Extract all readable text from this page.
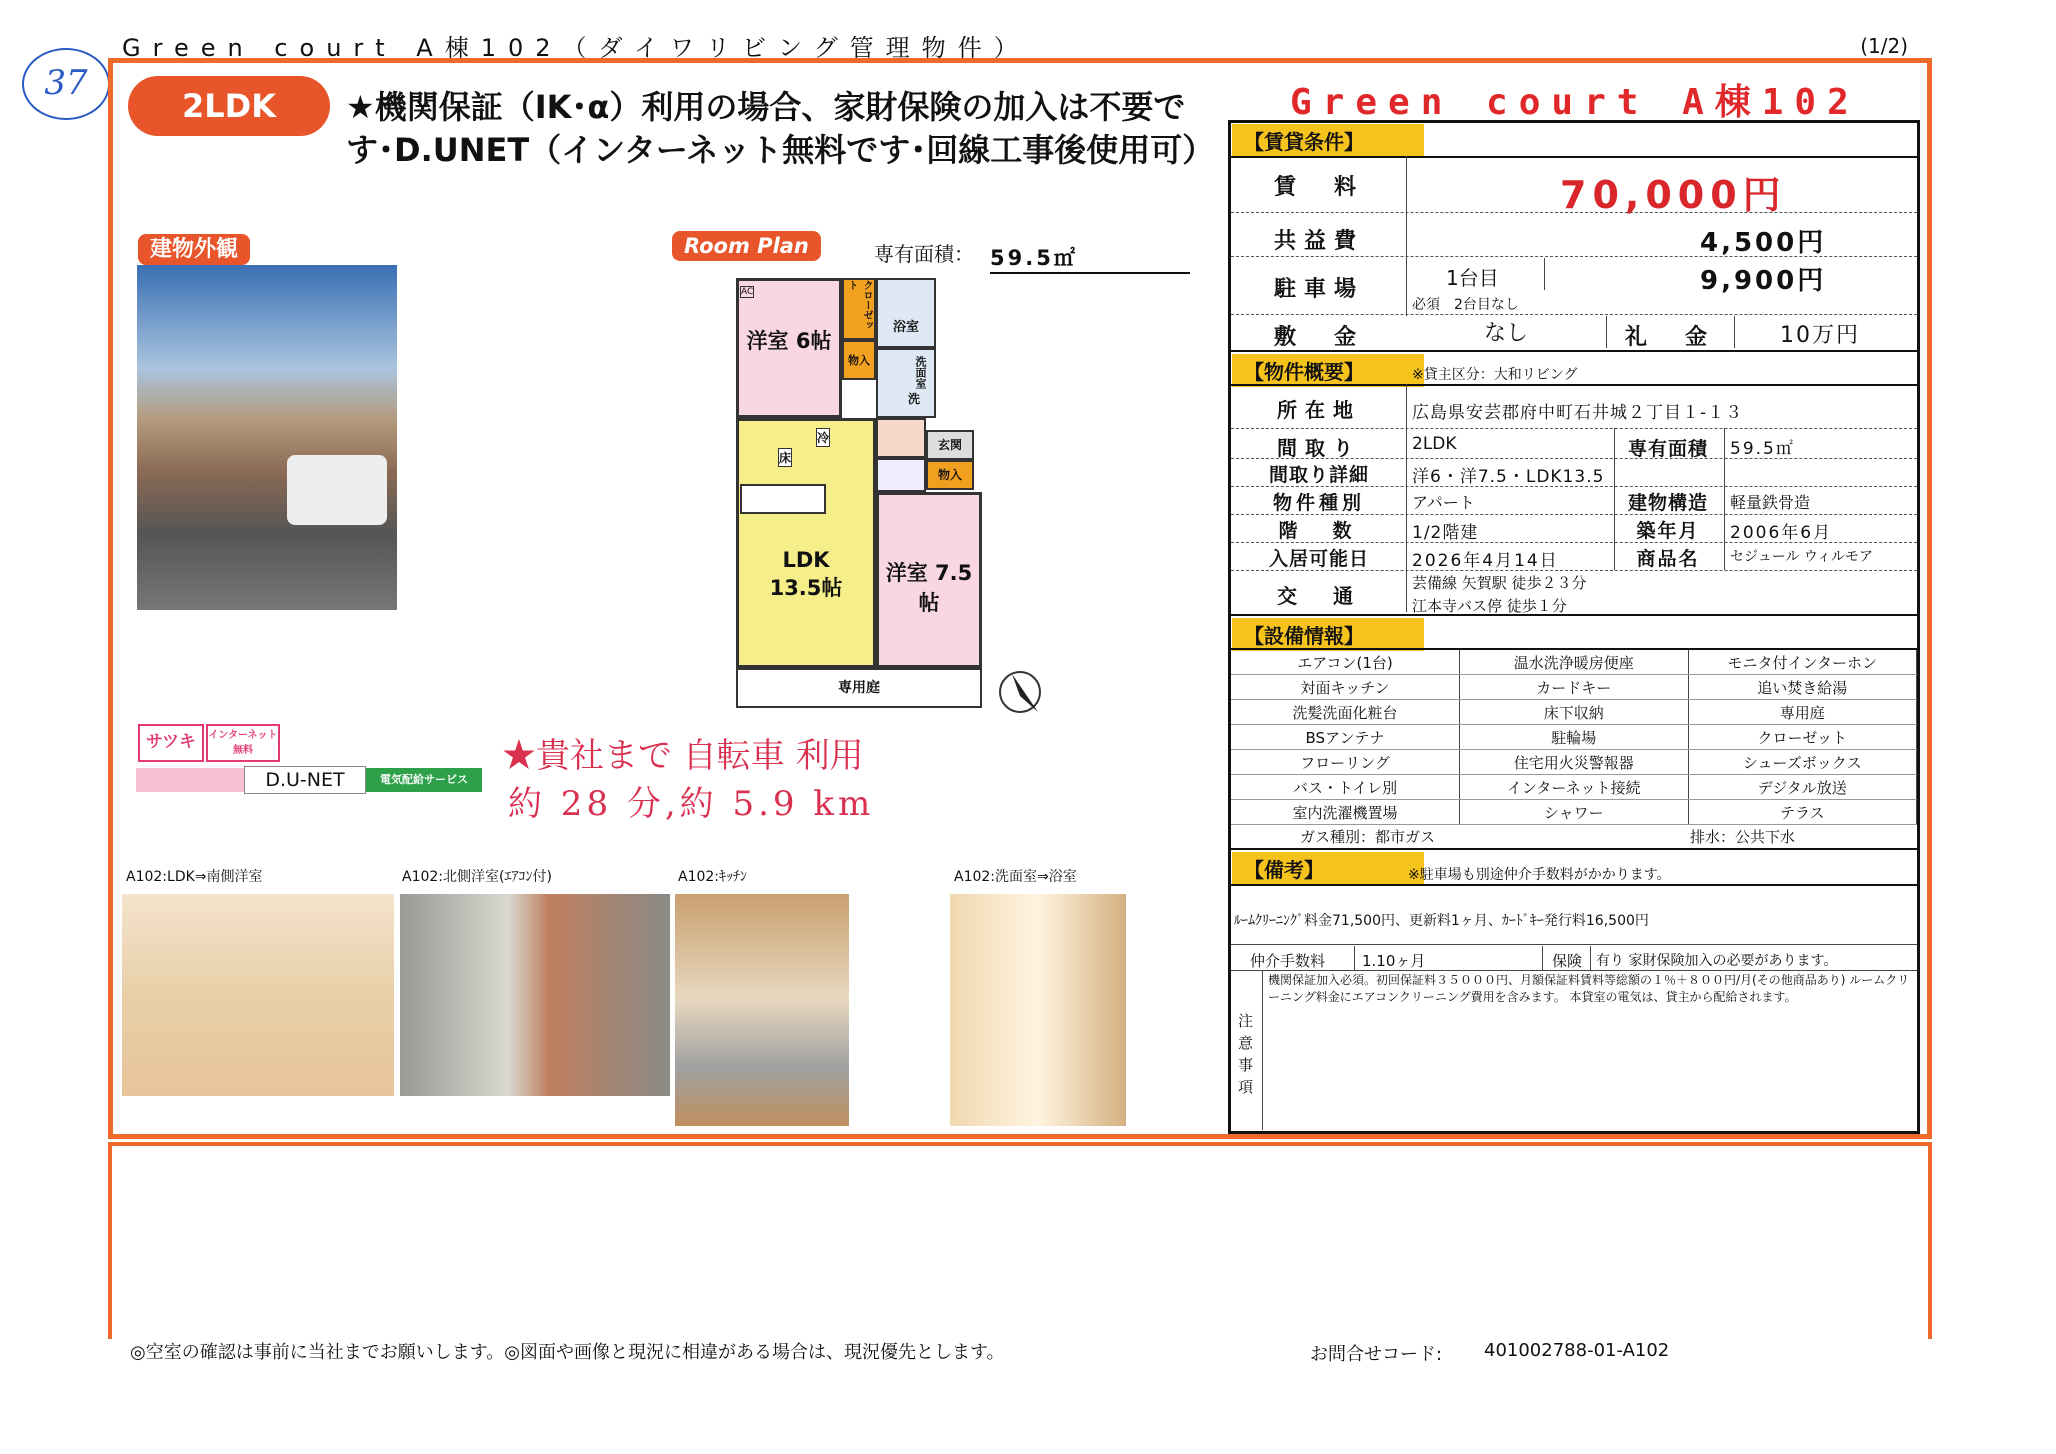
Green court A棟102（ダイワリビング管理物件）	(1/2)
37
2LDK	★機関保証（IK･α）利用の場合、家財保険の加入は不要です･D.UNET（インターネット無料です･回線工事後使用可）
建物外観	Room Plan	専有面積： 59.5㎡
洋室 6帖
AC	クローゼット
物入
浴室
洗面室
洗
LDK 13.5帖
冷
床
玄関
物入
洋室 7.5帖
専用庭
サツキ	インターネット無料
D.U-NET	電気配給サービス
★貴社まで 自転車 利用
約 28 分,約 5.9 km
A102:LDK⇒南側洋室	A102:北側洋室(ｴｱｺﾝ付)	A102:ｷｯﾁﾝ	A102:洗面室⇒浴室
Green court A棟102
【賃貸条件】
賃　料	70,000円
共益費	4,500円
駐車場	1台目	9,900円
必須　2台目なし
敷　金	なし	礼　金	10万円
【物件概要】	※貸主区分：大和リビング
所在地	広島県安芸郡府中町石井城２丁目１-１３
間取り	2LDK	専有面積	59.5㎡
間取り詳細	洋6・洋7.5・LDK13.5
物件種別	アパート	建物構造	軽量鉄骨造
階　数	1/2階建	築年月	2006年6月
入居可能日	2026年4月14日	商品名	セジュール ウィルモア
交　通
芸備線 矢賀駅 徒歩２３分
江本寺バス停 徒歩１分
【設備情報】
エアコン(1台)	温水洗浄暖房便座	モニタ付インターホン
対面キッチン	カードキー	追い焚き給湯
洗髪洗面化粧台	床下収納	専用庭
BSアンテナ	駐輪場	クローゼット
フローリング	住宅用火災警報器	シューズボックス
バス・トイレ別	インターネット接続	デジタル放送
室内洗濯機置場	シャワー	テラス
ガス種別：都市ガス	排水：公共下水
【備考】	※駐車場も別途仲介手数料がかかります。
ﾙｰﾑｸﾘｰﾆﾝｸﾞ料金71,500円、更新料1ヶ月、ｶｰﾄﾞｷｰ発行料16,500円
仲介手数料 1.10ヶ月	保険 有り 家財保険加入の必要があります。
注意事項
機関保証加入必須。初回保証料３５０００円、月額保証料賃料等総額の１％＋８００円/月(その他商品あり) ルームクリーニング料金にエアコンクリーニング費用を含みます。 本貸室の電気は、貸主から配給されます。
◎空室の確認は事前に当社までお願いします。◎図面や画像と現況に相違がある場合は、現況優先とします。	お問合せコード: 401002788-01-A102
